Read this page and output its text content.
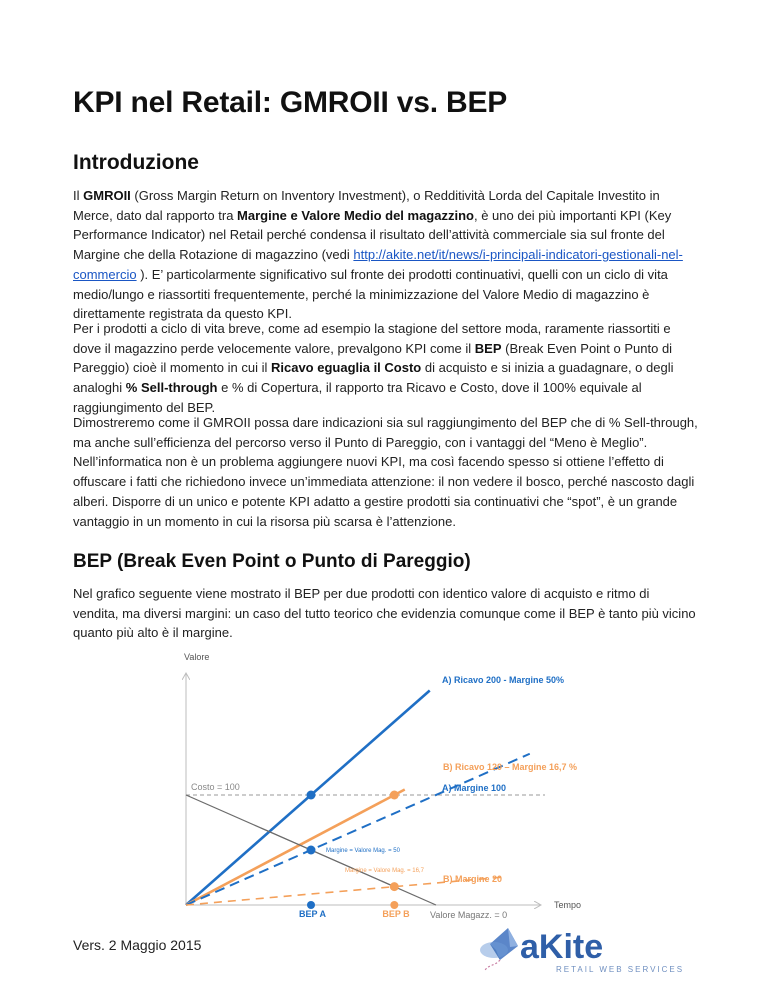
KPI nel Retail: GMROII vs. BEP
Introduzione

Il GMROII (Gross Margin Return on Inventory Investment), o Redditività Lorda del Capitale Investito in Merce, dato dal rapporto tra Margine e Valore Medio del magazzino, è uno dei più importanti KPI (Key Performance Indicator) nel Retail perché condensa il risultato dell’attività commerciale sia sul fronte del Margine che della Rotazione di magazzino (vedi http://akite.net/it/news/i-principali-indicatori-gestionali-nel-commercio ). E’ particolarmente significativo sul fronte dei prodotti continuativi, quelli con un ciclo di vita medio/lungo e riassortiti frequentemente, perché la minimizzazione del Valore Medio di magazzino è direttamente registrata da questo KPI.

Per i prodotti a ciclo di vita breve, come ad esempio la stagione del settore moda, raramente riassortiti e dove il magazzino perde velocemente valore, prevalgono KPI come il BEP (Break Even Point o Punto di Pareggio) cioè il momento in cui il Ricavo eguaglia il Costo di acquisto e si inizia a guadagnare, o degli analoghi % Sell-through e % di Copertura, il rapporto tra Ricavo e Costo, dove il 100% equivale al raggiungimento del BEP.

Dimostreremo come il GMROII possa dare indicazioni sia sul raggiungimento del BEP che di % Sell-through, ma anche sull’efficienza del percorso verso il Punto di Pareggio, con i vantaggi del “Meno è Meglio”. Nell’informatica non è un problema aggiungere nuovi KPI, ma così facendo spesso si ottiene l’effetto di offuscare i fatti che richiedono invece un’immediata attenzione: il non vedere il bosco, perché nascosto dagli alberi. Disporre di un unico e potente KPI adatto a gestire prodotti sia continuativi che “spot”, è un grande vantaggio in un momento in cui la risorsa più scarsa è l’attenzione.

BEP (Break Even Point o Punto di Pareggio)

Nel grafico seguente viene mostrato il BEP per due prodotti con identico valore di acquisto e ritmo di vendita, ma diversi margini: un caso del tutto teorico che evidenzia comunque come il BEP è tanto più vicino quanto più alto è il margine.

Valore
Tempo
Costo = 100
A) Ricavo 200 - Margine 50%
B) Ricavo 120 – Margine 16,7 %
A) Margine 100
B) Margine 20
Valore Magazz. = 0
Margine = Valore Mag. = 50
Margine = Valore Mag. = 16,7
BEP A	BEP B
Vers. 2 Maggio 2015	aKite
RETAIL WEB SERVICES
